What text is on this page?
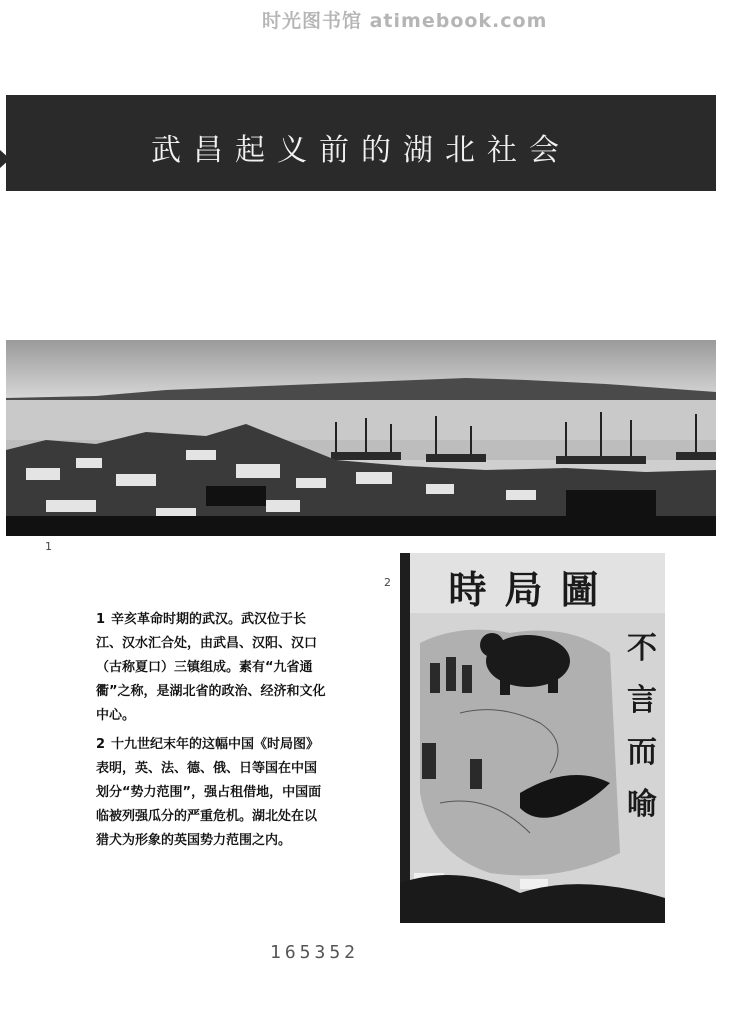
时光图书馆 atimebook.com
武昌起义前的湖北社会
1
2	時局圖
不
言
而
喻
1 辛亥革命时期的武汉。武汉位于长江、汉水汇合处，由武昌、汉阳、汉口（古称夏口）三镇组成。素有“九省通衢”之称，是湖北省的政治、经济和文化中心。
2 十九世纪末年的这幅中国《时局图》表明，英、法、德、俄、日等国在中国划分“势力范围”，强占租借地，中国面临被列强瓜分的严重危机。湖北处在以猎犬为形象的英国势力范围之内。
165352
